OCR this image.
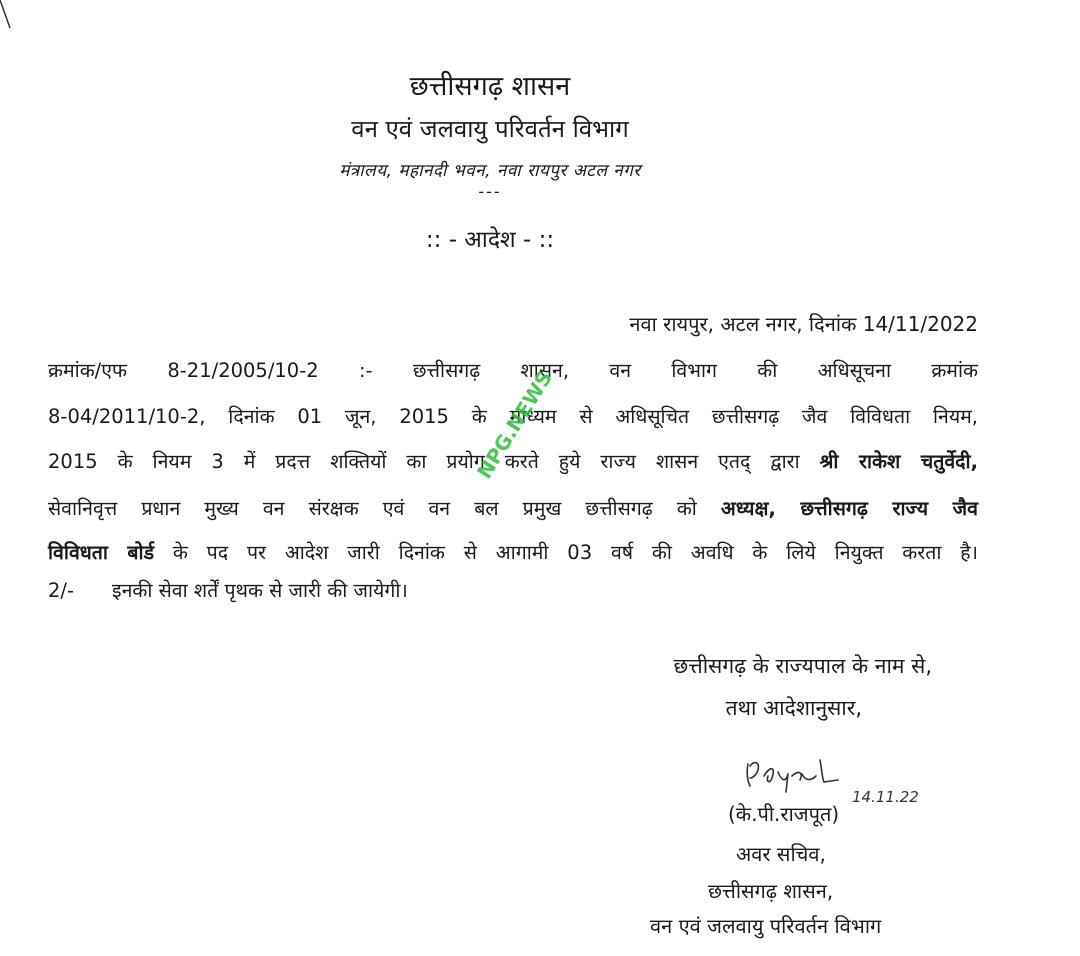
छत्तीसगढ़ शासन
वन एवं जलवायु परिवर्तन विभाग
मंत्रालय, महानदी भवन, नवा रायपुर अटल नगर
---
:: - आदेश - ::
नवा रायपुर, अटल नगर, दिनांक 14/11/2022
क्रमांक/एफ 8-21/2005/10-2 :- छत्तीसगढ़ शासन, वन विभाग की अधिसूचना क्रमांक
8-04/2011/10-2, दिनांक 01 जून, 2015 के माध्यम से अधिसूचित छत्तीसगढ़ जैव विविधता नियम,
2015 के नियम 3 में प्रदत्त शक्तियों का प्रयोग करते हुये राज्य शासन एतद् द्वारा श्री राकेश चतुर्वेदी,
सेवानिवृत्त प्रधान मुख्य वन संरक्षक एवं वन बल प्रमुख छत्तीसगढ़ को अध्यक्ष, छत्तीसगढ़ राज्य जैव
विविधता बोर्ड के पद पर आदेश जारी दिनांक से आगामी 03 वर्ष की अवधि के लिये नियुक्त करता है।
2/- इनकी सेवा शर्तें पृथक से जारी की जायेगी।
NPG.NEWS
छत्तीसगढ़ के राज्यपाल के नाम से,
तथा आदेशानुसार,
14.11.22
(के.पी.राजपूत)
अवर सचिव,
छत्तीसगढ़ शासन,
वन एवं जलवायु परिवर्तन विभाग
